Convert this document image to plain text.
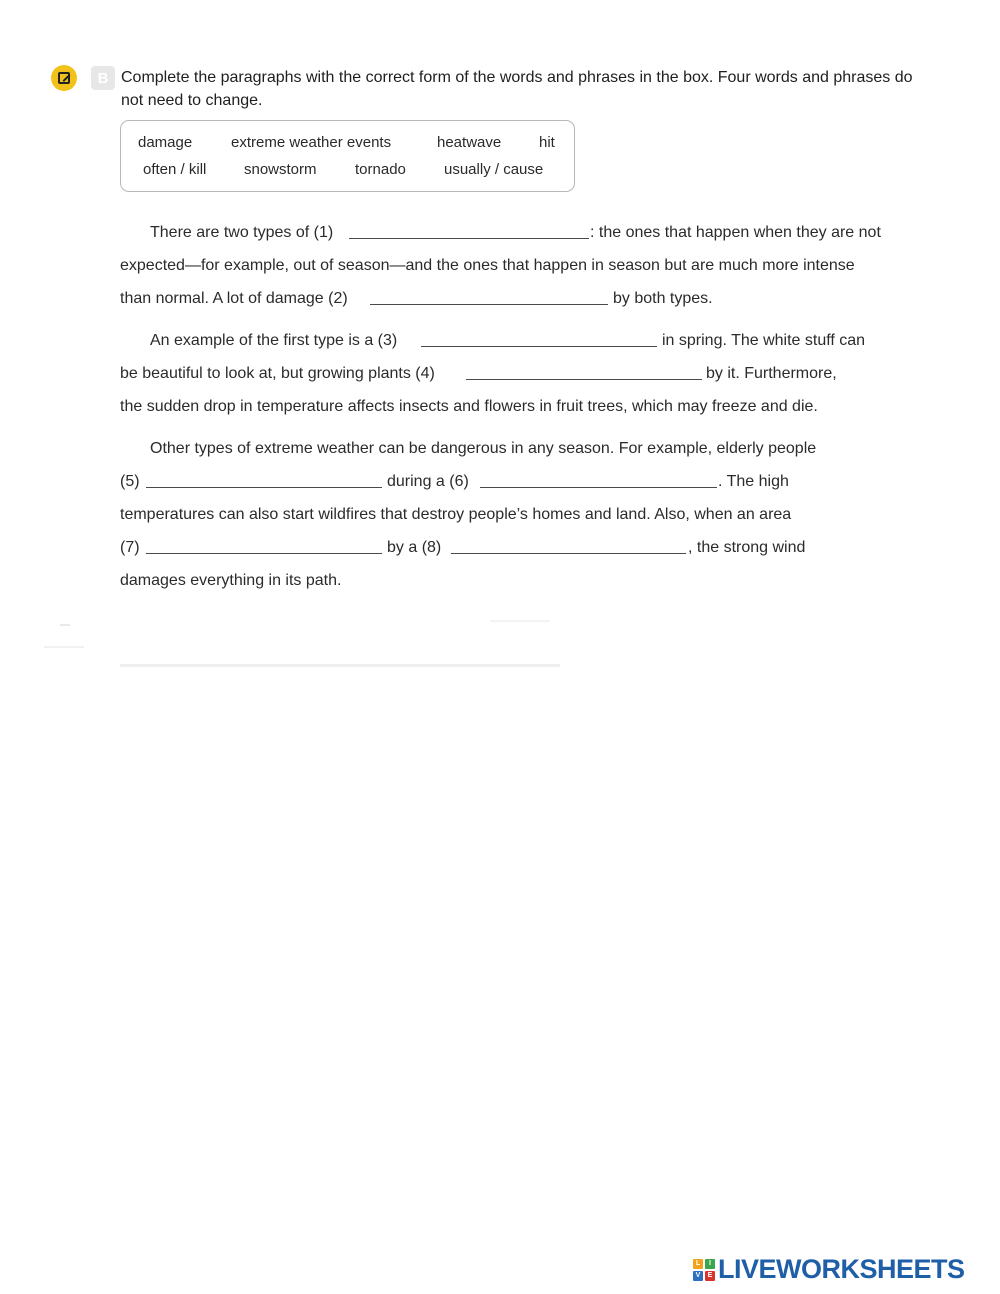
B Complete the paragraphs with the correct form of the words and phrases in the box. Four words and phrases do not need to change.
damage	extreme weather events	heatwave	hit
often / kill	snowstorm	tornado	usually / cause
There are two types of (1)	: the ones that happen when they are not
expected—for example, out of season—and the ones that happen in season but are much more intense
than normal. A lot of damage (2)	by both types.
An example of the first type is a (3)	in spring. The white stuff can
be beautiful to look at, but growing plants (4)	by it. Furthermore,
the sudden drop in temperature affects insects and flowers in fruit trees, which may freeze and die.
Other types of extreme weather can be dangerous in any season. For example, elderly people
(5)	during a (6)	. The high
temperatures can also start wildfires that destroy people’s homes and land. Also, when an area
(7)	by a (8)	, the strong wind
damages everything in its path.
L	I
V	E LIVEWORKSHEETS
